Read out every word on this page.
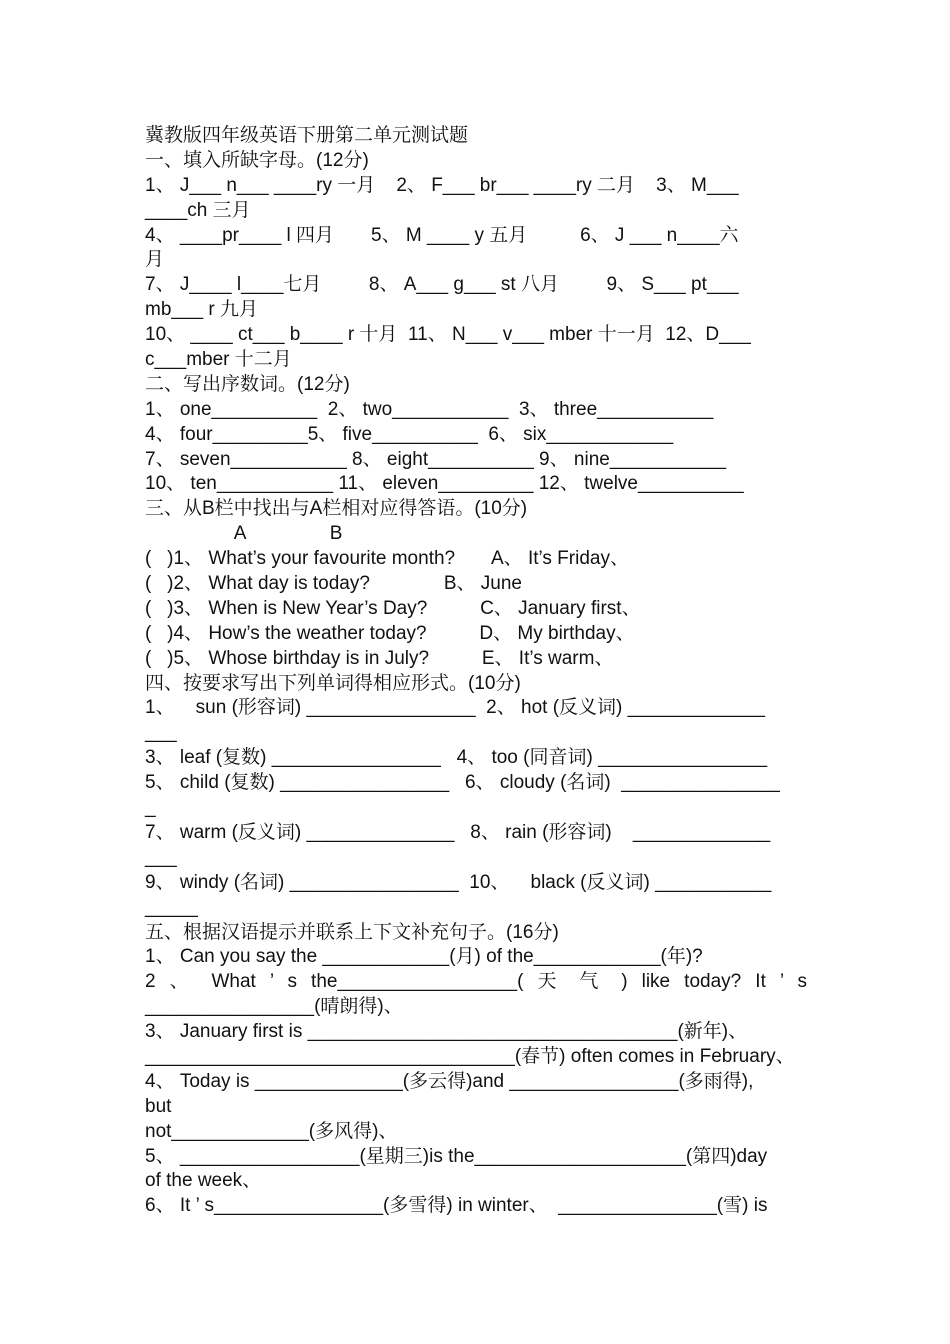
冀教版四年级英语下册第二单元测试题
一、填入所缺字母。(12分)
1、 J___ n___ ____ry 一月    2、 F___ br___ ____ry 二月    3、 M___
____ch 三月
4、 ____pr____ l 四月       5、 M ____ y 五月          6、 J ___ n____六
月
7、 J____ l____七月         8、 A___ g___ st 八月         9、 S___ pt___
mb___ r 九月
10、 ____ ct___ b____ r 十月  11、 N___ v___ mber 十一月  12、D___
c___mber 十二月
二、写出序数词。(12分)
1、 one__________  2、 two___________  3、 three___________
4、 four_________5、 five__________  6、 six____________
7、 seven___________ 8、 eight__________ 9、 nine___________
10、 ten___________ 11、 eleven_________ 12、 twelve__________
三、从B栏中找出与A栏相对应得答语。(10分)
A                B
(   )1、 What’s your favourite month?       A、 It’s Friday、
(   )2、 What day is today?              B、 June
(   )3、 When is New Year’s Day?          C、 January first、
(   )4、 How’s the weather today?          D、 My birthday、
(   )5、 Whose birthday is in July?          E、 It’s warm、
四、按要求写出下列单词得相应形式。(10分)
1、    sun (形容词) ________________  2、 hot (反义词) _____________
___
3、 leaf (复数) ________________   4、 too (同音词) ________________
5、 child (复数) ________________   6、 cloudy (名词)  _______________
_
7、 warm (反义词) ______________   8、 rain (形容词)    _____________
___
9、 windy (名词) ________________  10、    black (反义词) ___________
_____
五、根据汉语提示并联系上下文补充句子。(16分)
1、 Can you say the ____________(月) of the____________(年)?
2 、 What ’ s the_________________( 天 气 ) like today? It ’ s
________________(晴朗得)、
3、 January first is ___________________________________(新年)、
___________________________________(春节) often comes in February、
4、 Today is ______________(多云得)and ________________(多雨得),
but
not_____________(多风得)、
5、 _________________(星期三)is the____________________(第四)day
of the week、
6、 It ’ s________________(多雪得) in winter、  _______________(雪) is
